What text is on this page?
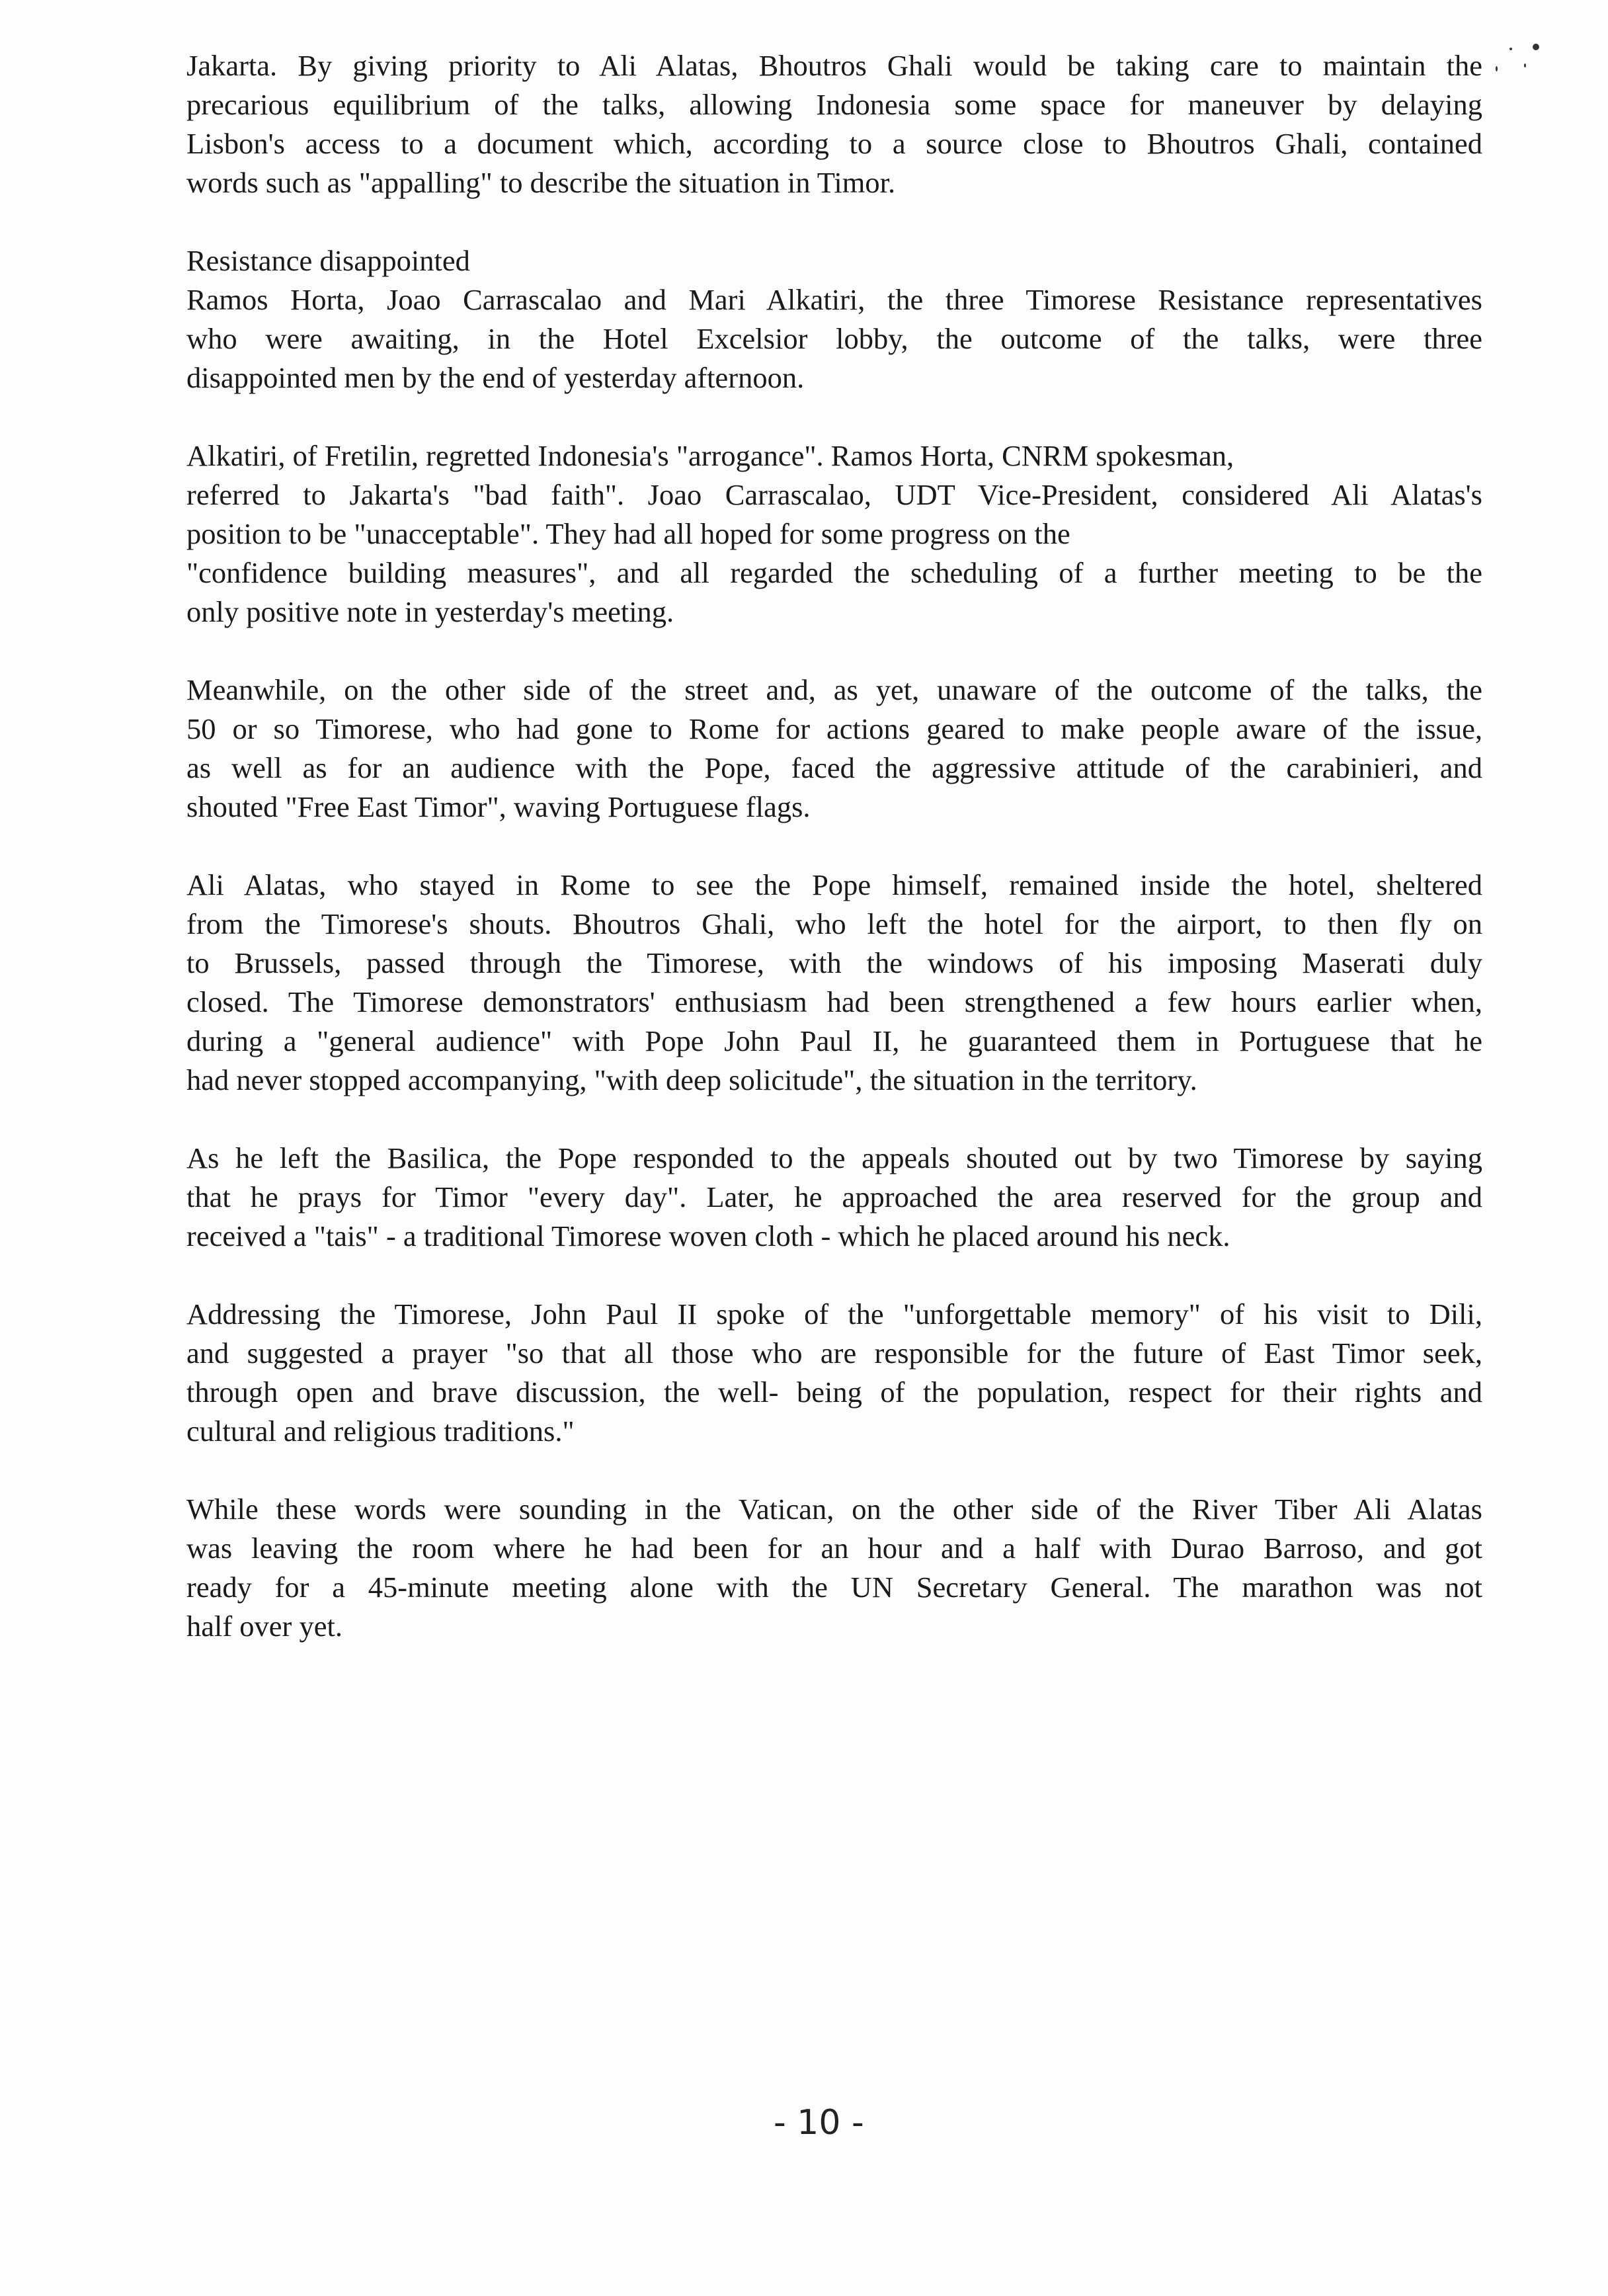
Jakarta. By giving priority to Ali Alatas, Bhoutros Ghali would be taking care to maintain the
precarious equilibrium of the talks, allowing Indonesia some space for maneuver by delaying
Lisbon's access to a document which, according to a source close to Bhoutros Ghali, contained
words such as "appalling" to describe the situation in Timor.

Resistance disappointed
Ramos Horta, Joao Carrascalao and Mari Alkatiri, the three Timorese Resistance representatives
who were awaiting, in the Hotel Excelsior lobby, the outcome of the talks, were three
disappointed men by the end of yesterday afternoon.

Alkatiri, of Fretilin, regretted Indonesia's "arrogance". Ramos Horta, CNRM spokesman,
referred to Jakarta's "bad faith". Joao Carrascalao, UDT Vice-President, considered Ali Alatas's
position to be "unacceptable". They had all hoped for some progress on the
"confidence building measures", and all regarded the scheduling of a further meeting to be the
only positive note in yesterday's meeting.

Meanwhile, on the other side of the street and, as yet, unaware of the outcome of the talks, the
50 or so Timorese, who had gone to Rome for actions geared to make people aware of the issue,
as well as for an audience with the Pope, faced the aggressive attitude of the carabinieri, and
shouted "Free East Timor", waving Portuguese flags.

Ali Alatas, who stayed in Rome to see the Pope himself, remained inside the hotel, sheltered
from the Timorese's shouts. Bhoutros Ghali, who left the hotel for the airport, to then fly on
to Brussels, passed through the Timorese, with the windows of his imposing Maserati duly
closed. The Timorese demonstrators' enthusiasm had been strengthened a few hours earlier when,
during a "general audience" with Pope John Paul II, he guaranteed them in Portuguese that he
had never stopped accompanying, "with deep solicitude", the situation in the territory.

As he left the Basilica, the Pope responded to the appeals shouted out by two Timorese by saying
that he prays for Timor "every day". Later, he approached the area reserved for the group and
received a "tais" - a traditional Timorese woven cloth - which he placed around his neck.

Addressing the Timorese, John Paul II spoke of the "unforgettable memory" of his visit to Dili,
and suggested a prayer "so that all those who are responsible for the future of East Timor seek,
through open and brave discussion, the well- being of the population, respect for their rights and
cultural and religious traditions."

While these words were sounding in the Vatican, on the other side of the River Tiber Ali Alatas
was leaving the room where he had been for an hour and a half with Durao Barroso, and got
ready for a 45-minute meeting alone with the UN Secretary General. The marathon was not
half over yet.

- 10 -
